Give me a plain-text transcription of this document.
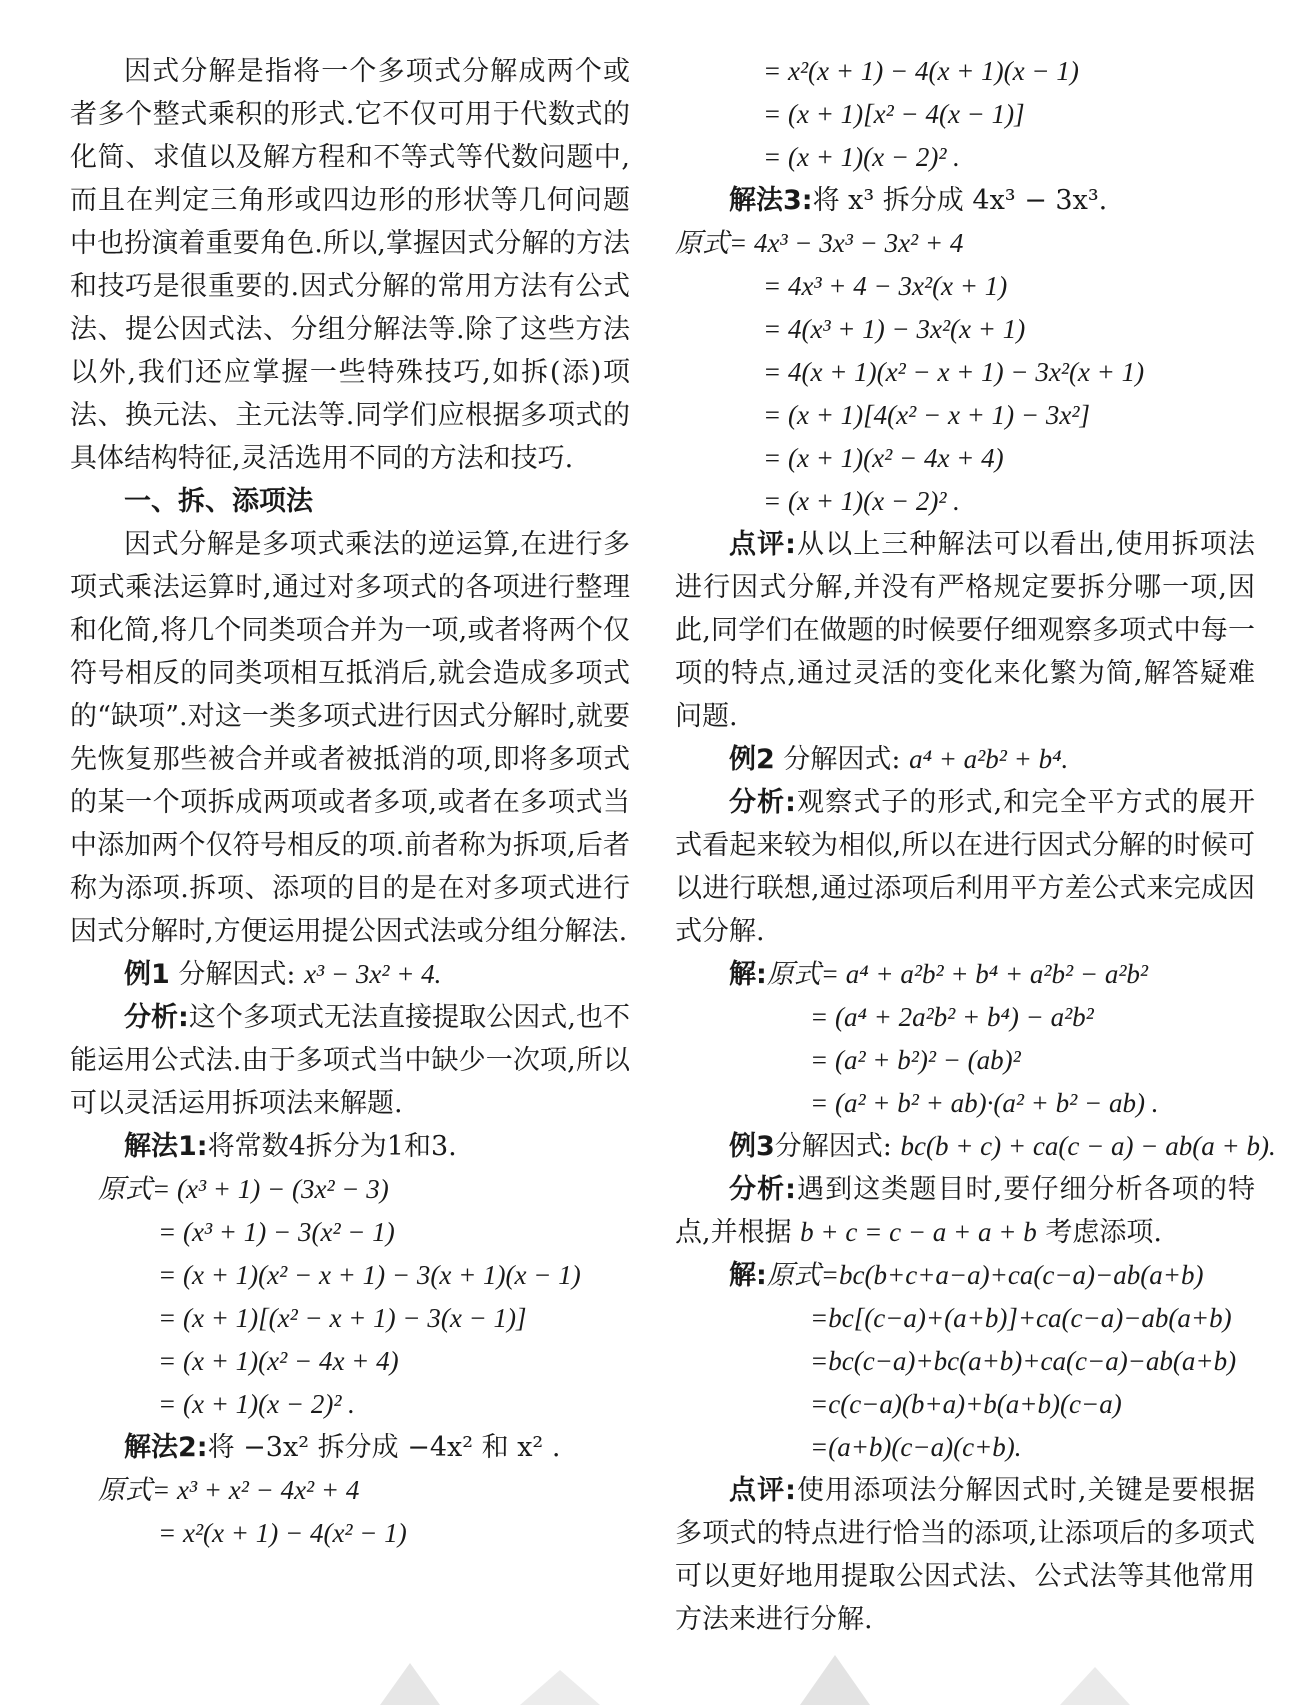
因式分解是指将一个多项式分解成两个或者多个整式乘积的形式.它不仅可用于代数式的化简、求值以及解方程和不等式等代数问题中,而且在判定三角形或四边形的形状等几何问题中也扮演着重要角色.所以,掌握因式分解的方法和技巧是很重要的.因式分解的常用方法有公式法、提公因式法、分组分解法等.除了这些方法以外,我们还应掌握一些特殊技巧,如拆(添)项法、换元法、主元法等.同学们应根据多项式的具体结构特征,灵活选用不同的方法和技巧.

一、拆、添项法

因式分解是多项式乘法的逆运算,在进行多项式乘法运算时,通过对多项式的各项进行整理和化简,将几个同类项合并为一项,或者将两个仅符号相反的同类项相互抵消后,就会造成多项式的“缺项”.对这一类多项式进行因式分解时,就要先恢复那些被合并或者被抵消的项,即将多项式的某一个项拆成两项或者多项,或者在多项式当中添加两个仅符号相反的项.前者称为拆项,后者称为添项.拆项、添项的目的是在对多项式进行因式分解时,方便运用提公因式法或分组分解法.

例1 分解因式: x³ − 3x² + 4.

分析:这个多项式无法直接提取公因式,也不能运用公式法.由于多项式当中缺少一次项,所以可以灵活运用拆项法来解题.

解法1:将常数4拆分为1和3.
原式= (x³ + 1) − (3x² − 3)
= (x³ + 1) − 3(x² − 1)
= (x + 1)(x² − x + 1) − 3(x + 1)(x − 1)
= (x + 1)[(x² − x + 1) − 3(x − 1)]
= (x + 1)(x² − 4x + 4)
= (x + 1)(x − 2)² .
解法2:将 −3x² 拆分成 −4x² 和 x² .
原式= x³ + x² − 4x² + 4
= x²(x + 1) − 4(x² − 1)
= x²(x + 1) − 4(x + 1)(x − 1)
= (x + 1)[x² − 4(x − 1)]
= (x + 1)(x − 2)² .
解法3:将 x³ 拆分成 4x³ − 3x³.
原式= 4x³ − 3x³ − 3x² + 4
= 4x³ + 4 − 3x²(x + 1)
= 4(x³ + 1) − 3x²(x + 1)
= 4(x + 1)(x² − x + 1) − 3x²(x + 1)
= (x + 1)[4(x² − x + 1) − 3x²]
= (x + 1)(x² − 4x + 4)
= (x + 1)(x − 2)² .

点评:从以上三种解法可以看出,使用拆项法进行因式分解,并没有严格规定要拆分哪一项,因此,同学们在做题的时候要仔细观察多项式中每一项的特点,通过灵活的变化来化繁为简,解答疑难问题.

例2 分解因式: a⁴ + a²b² + b⁴.

分析:观察式子的形式,和完全平方式的展开式看起来较为相似,所以在进行因式分解的时候可以进行联想,通过添项后利用平方差公式来完成因式分解.

解:原式= a⁴ + a²b² + b⁴ + a²b² − a²b²
= (a⁴ + 2a²b² + b⁴) − a²b²
= (a² + b²)² − (ab)²
= (a² + b² + ab)·(a² + b² − ab) .
例3分解因式: bc(b + c) + ca(c − a) − ab(a + b).

分析:遇到这类题目时,要仔细分析各项的特点,并根据 b + c = c − a + a + b 考虑添项.

解:原式=bc(b+c+a−a)+ca(c−a)−ab(a+b)
=bc[(c−a)+(a+b)]+ca(c−a)−ab(a+b)
=bc(c−a)+bc(a+b)+ca(c−a)−ab(a+b)
=c(c−a)(b+a)+b(a+b)(c−a)
=(a+b)(c−a)(c+b).

点评:使用添项法分解因式时,关键是要根据多项式的特点进行恰当的添项,让添项后的多项式可以更好地用提取公因式法、公式法等其他常用方法来进行分解.
